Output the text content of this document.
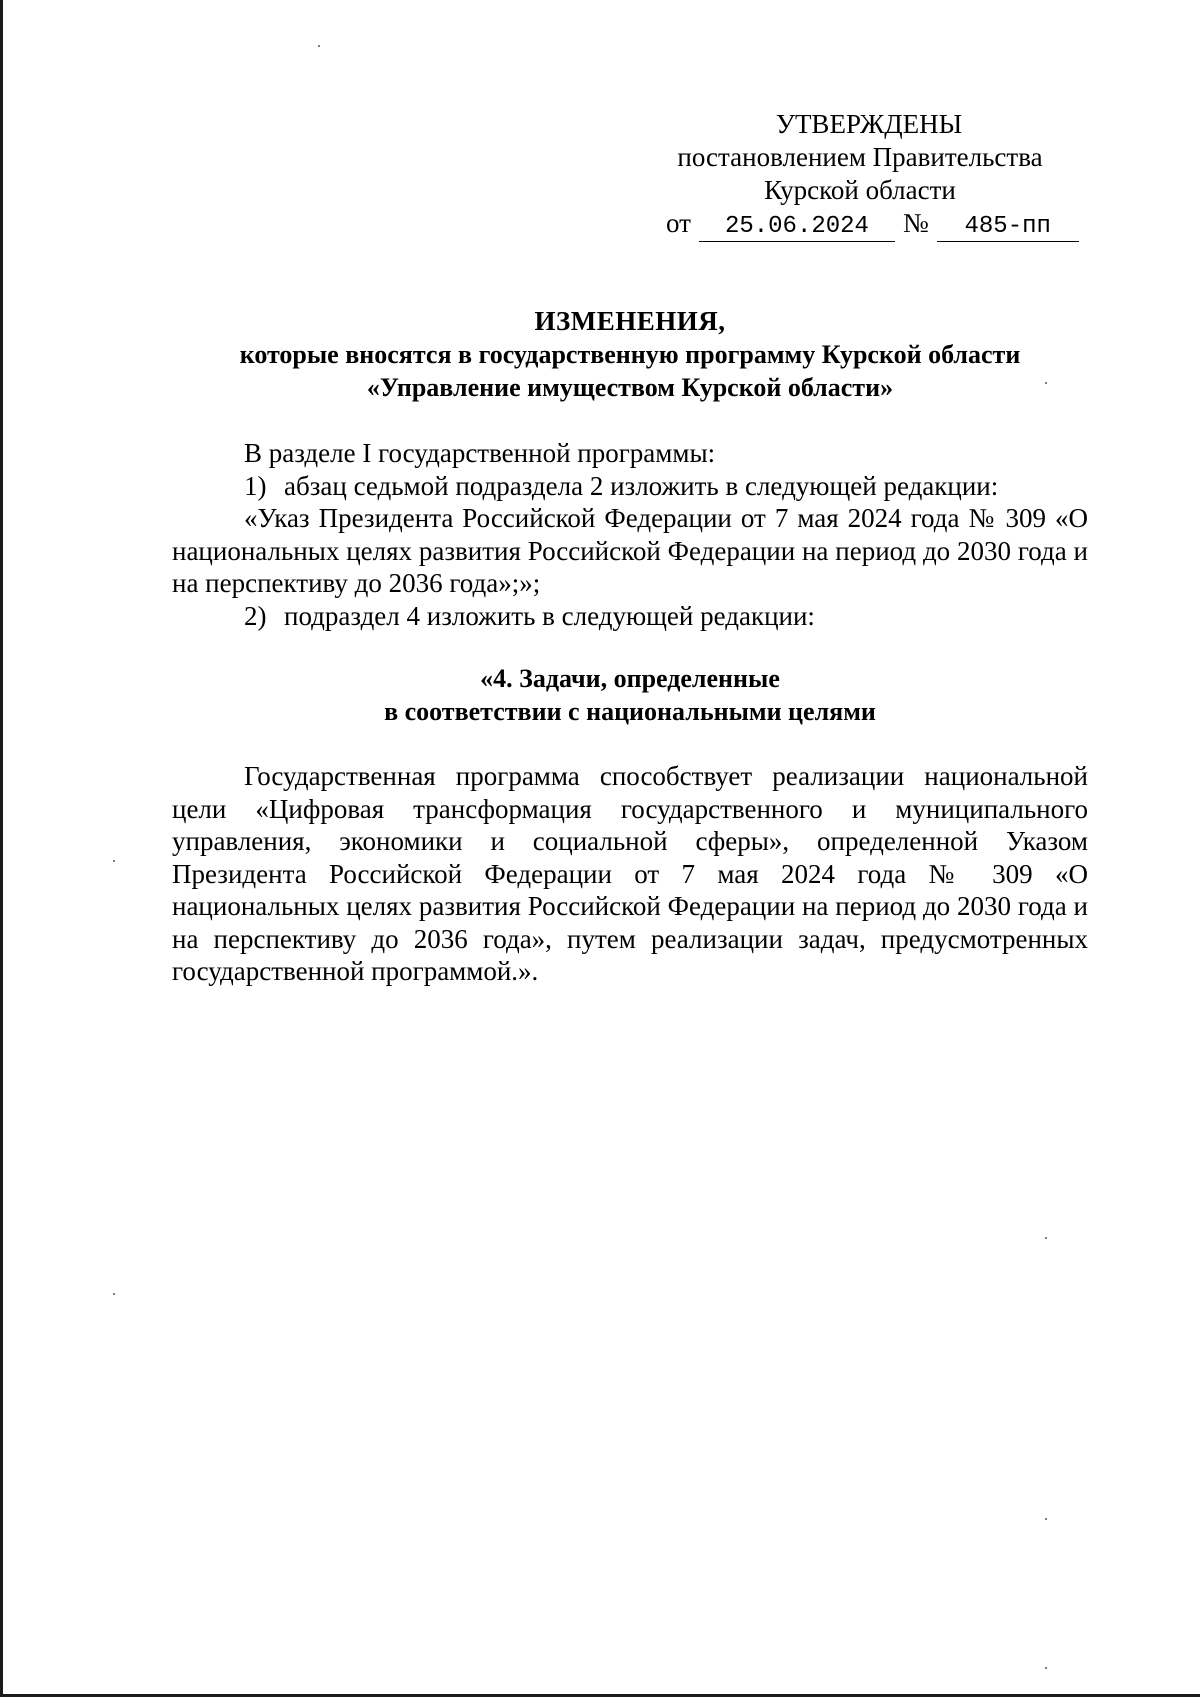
УТВЕРЖДЕНЫ
постановлением Правительства
Курской области
от 25.06.2024 № 485-пп
ИЗМЕНЕНИЯ,
которые вносятся в государственную программу Курской области
«Управление имуществом Курской области»

В разделе I государственной программы:

1) абзац седьмой подраздела 2 изложить в следующей редакции:

«Указ Президента Российской Федерации от 7 мая 2024 года № 309 «О национальных целях развития Российской Федерации на период до 2030 года и на перспективу до 2036 года»;»;

2) подраздел 4 изложить в следующей редакции:

«4. Задачи, определенные
в соответствии с национальными целями

Государственная программа способствует реализации национальной цели «Цифровая трансформация государственного и муниципального управления, экономики и социальной сферы», определенной Указом Президента Российской Федерации от 7 мая 2024 года № 309 «О национальных целях развития Российской Федерации на период до 2030 года и на перспективу до 2036 года», путем реализации задач, предусмотренных государственной программой.».
